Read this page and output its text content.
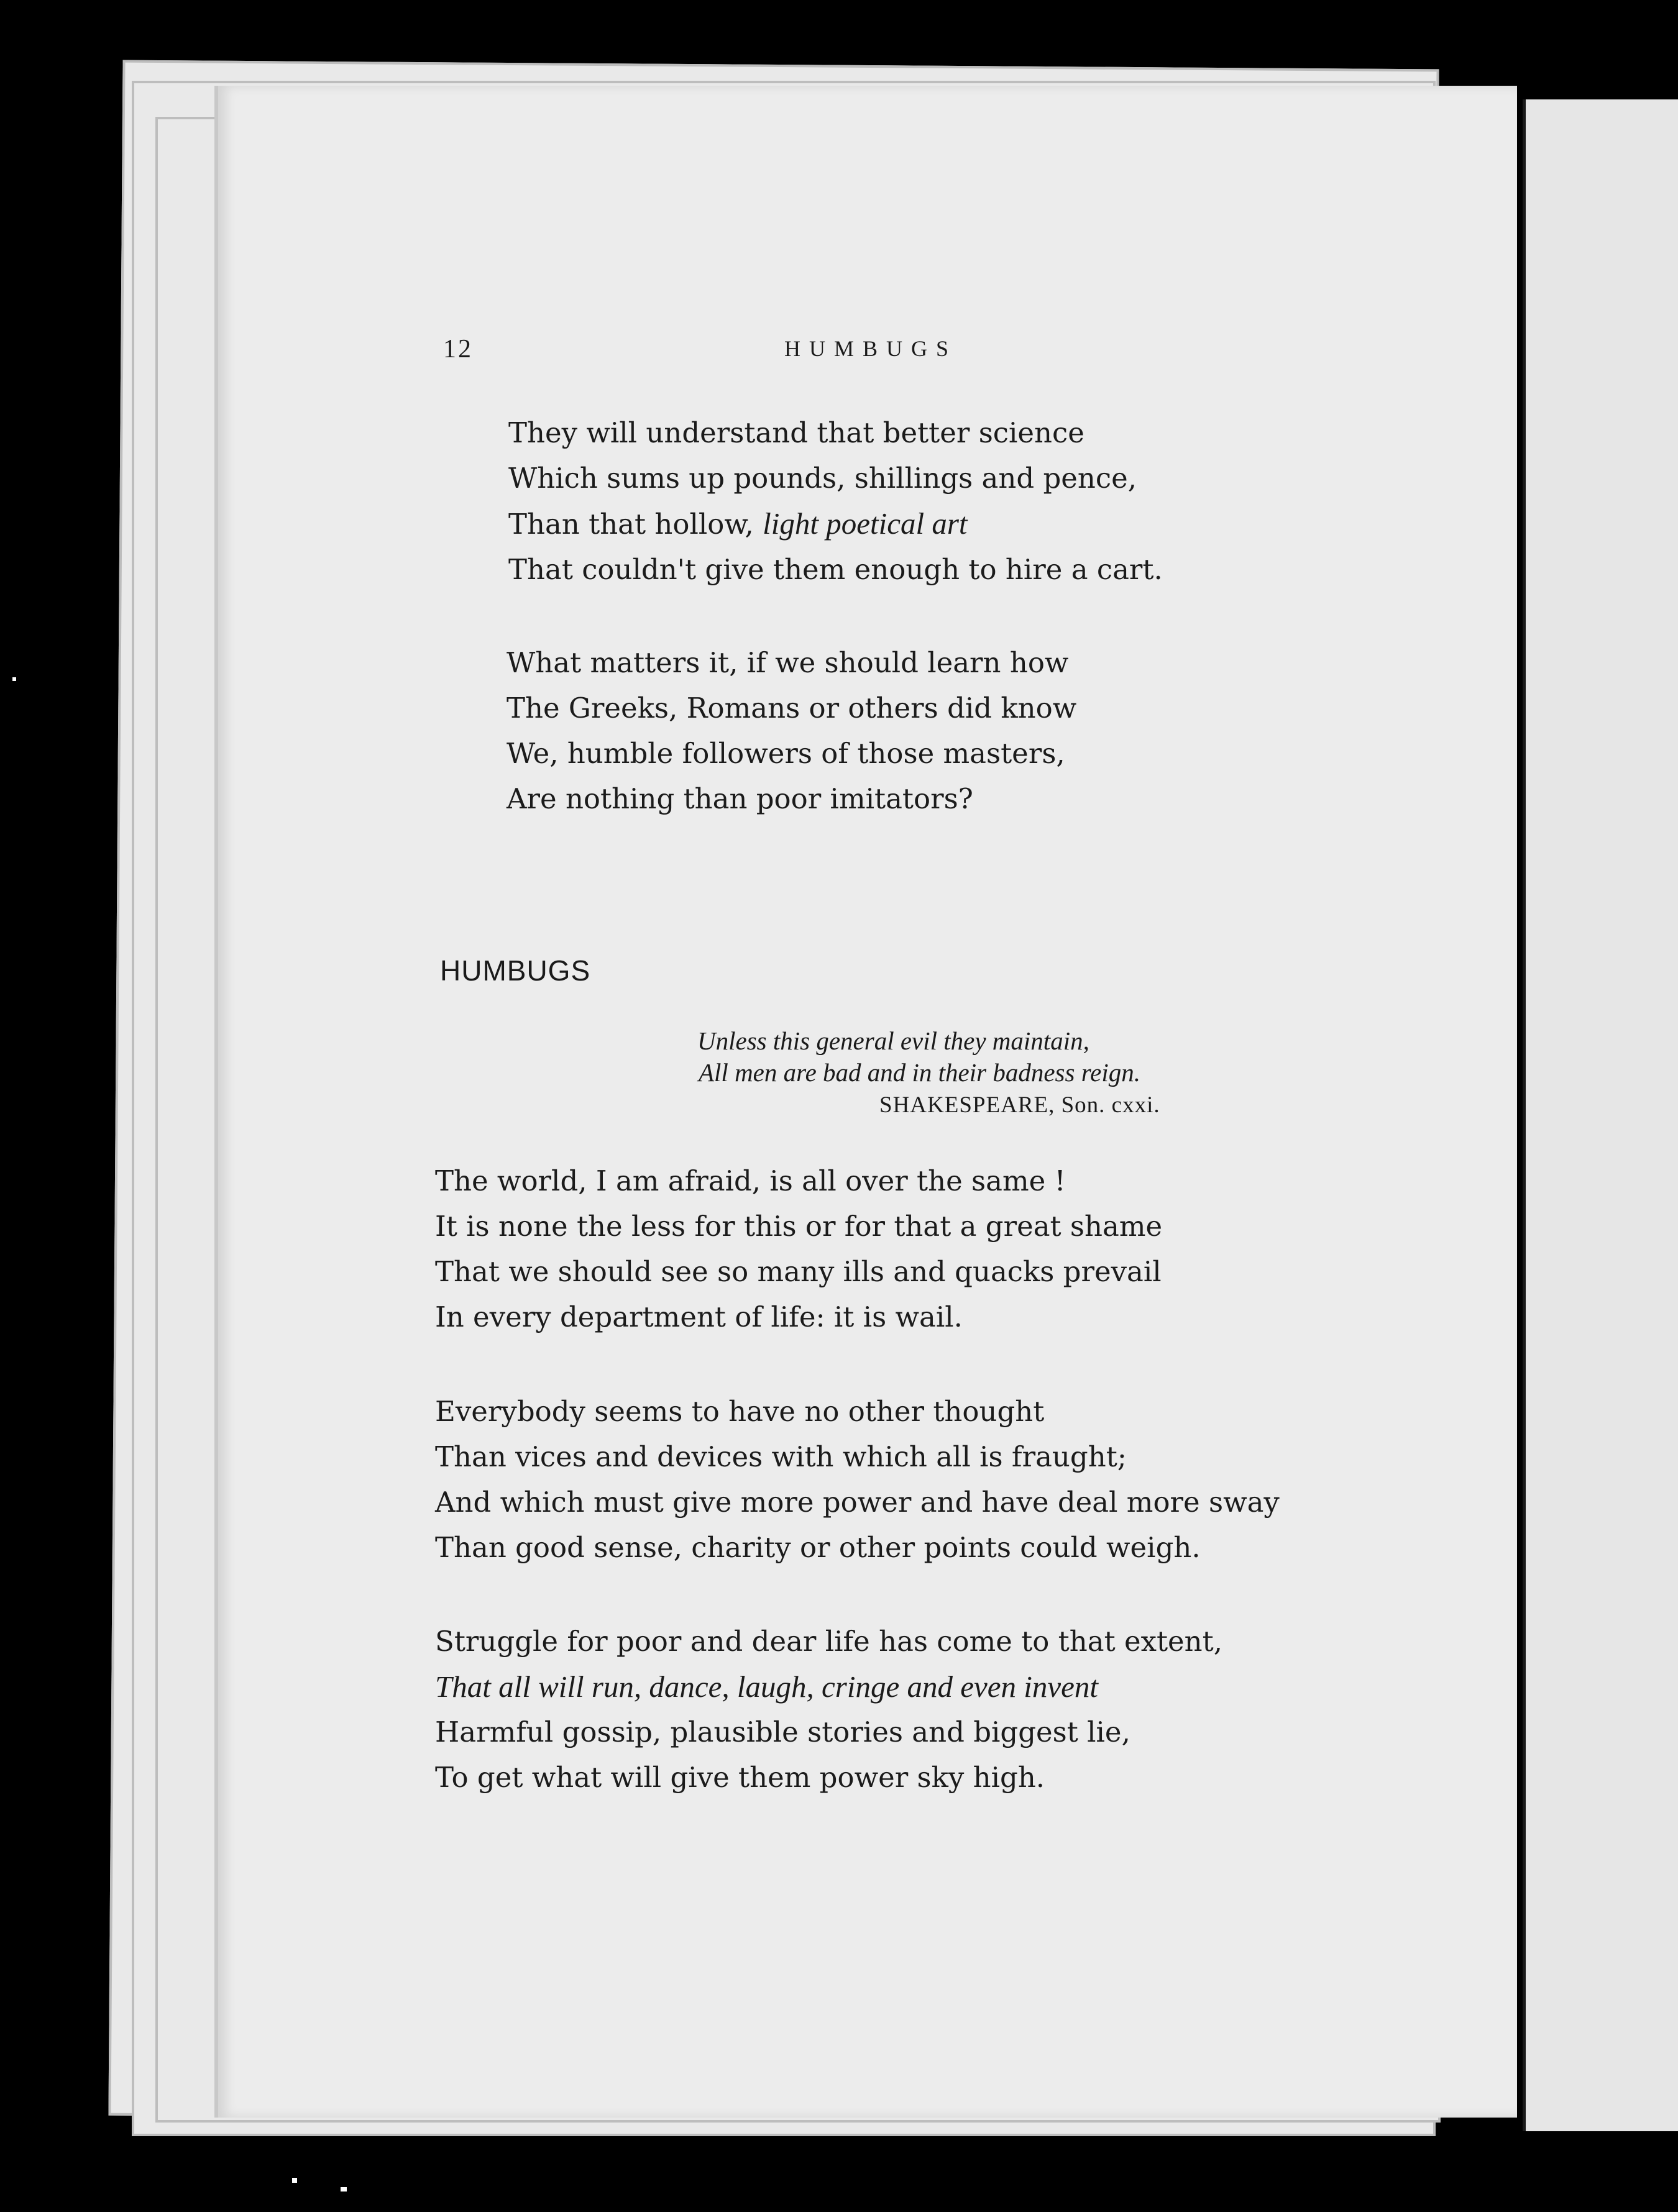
12	HUMBUGS
They will understand that better science
Which sums up pounds, shillings and pence,
Than that hollow, light poetical art
That couldn't give them enough to hire a cart.
What matters it, if we should learn how
The Greeks, Romans or others did know
We, humble followers of those masters,
Are nothing than poor imitators?
HUMBUGS
Unless this general evil they maintain,
All men are bad and in their badness reign.
SHAKESPEARE, Son. cxxi.
The world, I am afraid, is all over the same !
It is none the less for this or for that a great shame
That we should see so many ills and quacks prevail
In every department of life: it is wail.
Everybody seems to have no other thought
Than vices and devices with which all is fraught;
And which must give more power and have deal more sway
Than good sense, charity or other points could weigh.
Struggle for poor and dear life has come to that extent,
That all will run, dance, laugh, cringe and even invent
Harmful gossip, plausible stories and biggest lie,
To get what will give them power sky high.
